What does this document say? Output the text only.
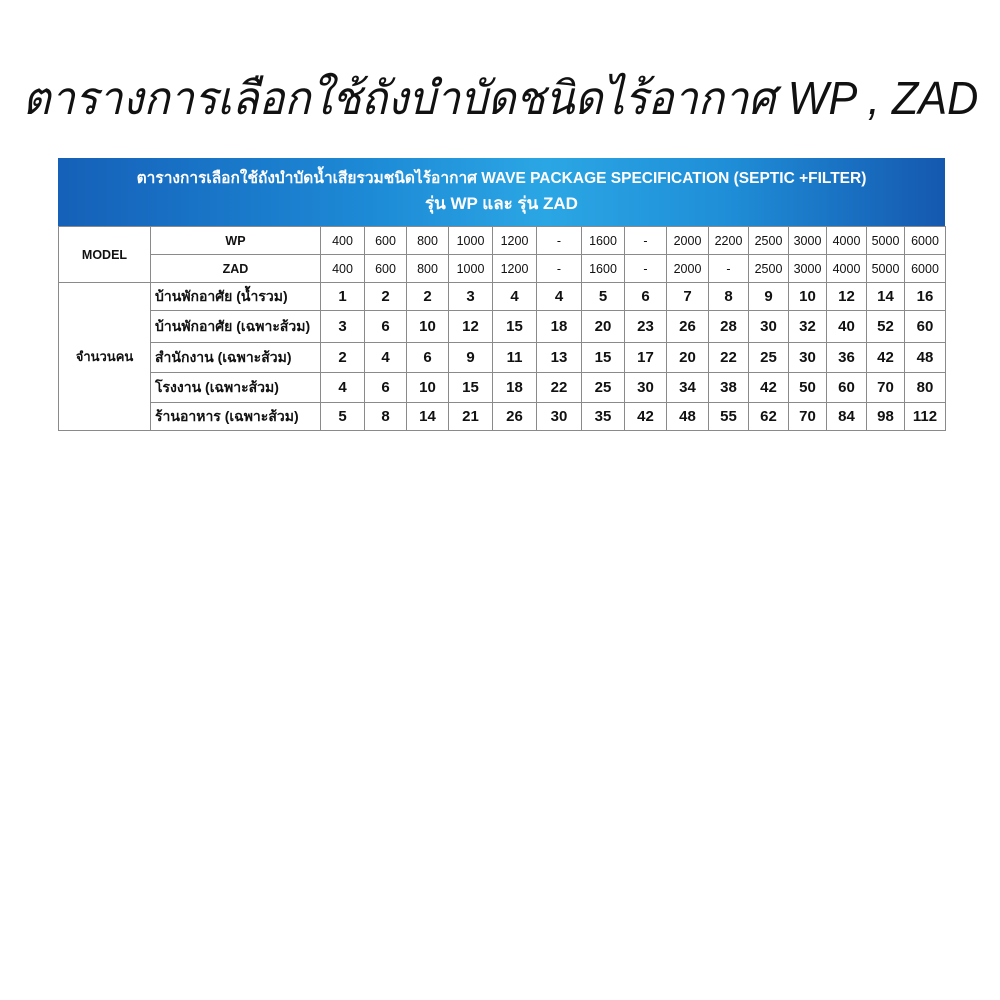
ตารางการเลือกใช้ถังบำบัดชนิดไร้อากาศ WP , ZAD
ตารางการเลือกใช้ถังบำบัดน้ำเสียรวมชนิดไร้อากาศ WAVE PACKAGE SPECIFICATION (SEPTIC +FILTER)
รุ่น WP และ รุ่น ZAD
MODEL	WP	400	600	800	1000	1200	-	1600	-	2000	2200	2500	3000	4000	5000	6000
	ZAD	400	600	800	1000	1200	-	1600	-	2000	-	2500	3000	4000	5000	6000
จำนวนคน	บ้านพักอาศัย (น้ำรวม)	1	2	2	3	4	4	5	6	7	8	9	10	12	14	16
	บ้านพักอาศัย (เฉพาะส้วม)	3	6	10	12	15	18	20	23	26	28	30	32	40	52	60
	สำนักงาน (เฉพาะส้วม)	2	4	6	9	11	13	15	17	20	22	25	30	36	42	48
	โรงงาน (เฉพาะส้วม)	4	6	10	15	18	22	25	30	34	38	42	50	60	70	80
	ร้านอาหาร (เฉพาะส้วม)	5	8	14	21	26	30	35	42	48	55	62	70	84	98	112
